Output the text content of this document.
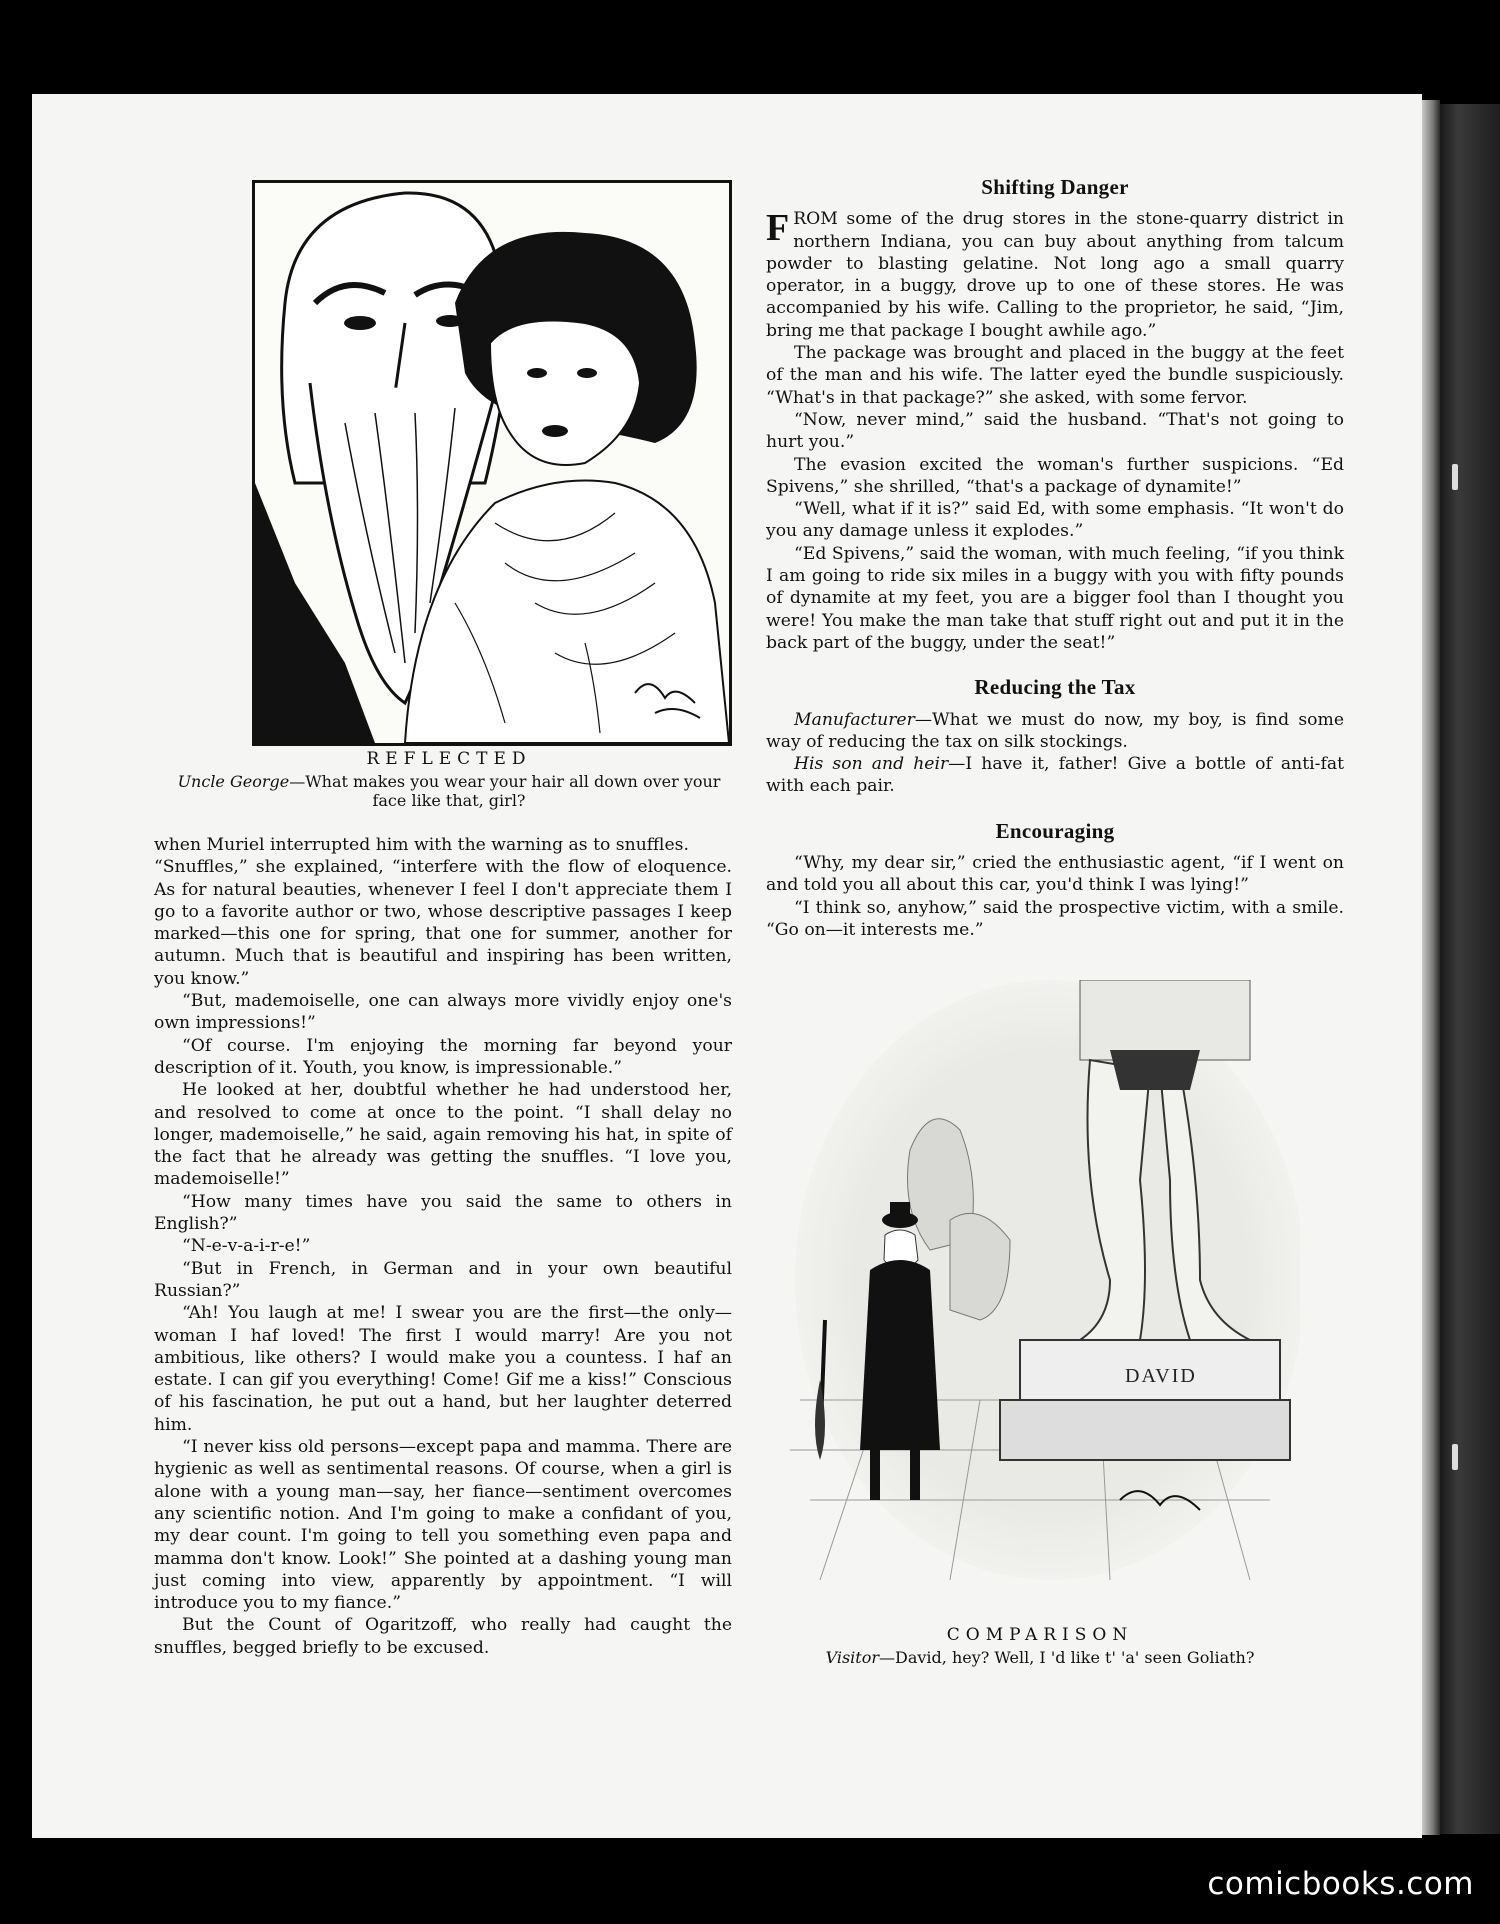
REFLECTED
Uncle George—What makes you wear your hair all down over your face like that, girl?

when Muriel interrupted him with the warning as to snuffles.

“Snuffles,” she explained, “interfere with the flow of eloquence. As for natural beauties, whenever I feel I don't appreciate them I go to a favorite author or two, whose descriptive passages I keep marked—this one for spring, that one for summer, another for autumn. Much that is beautiful and inspiring has been written, you know.”

“But, mademoiselle, one can always more vividly enjoy one's own impressions!”

“Of course. I'm enjoying the morning far beyond your description of it. Youth, you know, is impressionable.”

He looked at her, doubtful whether he had understood her, and resolved to come at once to the point. “I shall delay no longer, mademoiselle,” he said, again removing his hat, in spite of the fact that he already was getting the snuffles. “I love you, mademoiselle!”

“How many times have you said the same to others in English?”

“N-e-v-a-i-r-e!”

“But in French, in German and in your own beautiful Russian?”

“Ah! You laugh at me! I swear you are the first—the only—woman I haf loved! The first I would marry! Are you not ambitious, like others? I would make you a countess. I haf an estate. I can gif you everything! Come! Gif me a kiss!” Conscious of his fascination, he put out a hand, but her laughter deterred him.

“I never kiss old persons—except papa and mamma. There are hygienic as well as sentimental reasons. Of course, when a girl is alone with a young man—say, her fiance—sentiment overcomes any scientific notion. And I'm going to make a confidant of you, my dear count. I'm going to tell you something even papa and mamma don't know. Look!” She pointed at a dashing young man just coming into view, apparently by appointment. “I will introduce you to my fiance.”

But the Count of Ogaritzoff, who really had caught the snuffles, begged briefly to be excused.

Shifting Danger

FROM some of the drug stores in the stone-quarry district in northern Indiana, you can buy about anything from talcum powder to blasting gelatine. Not long ago a small quarry operator, in a buggy, drove up to one of these stores. He was accompanied by his wife. Calling to the proprietor, he said, “Jim, bring me that package I bought awhile ago.”

The package was brought and placed in the buggy at the feet of the man and his wife. The latter eyed the bundle suspiciously. “What's in that package?” she asked, with some fervor.

“Now, never mind,” said the husband. “That's not going to hurt you.”

The evasion excited the woman's further suspicions. “Ed Spivens,” she shrilled, “that's a package of dynamite!”

“Well, what if it is?” said Ed, with some emphasis. “It won't do you any damage unless it explodes.”

“Ed Spivens,” said the woman, with much feeling, “if you think I am going to ride six miles in a buggy with you with fifty pounds of dynamite at my feet, you are a bigger fool than I thought you were! You make the man take that stuff right out and put it in the back part of the buggy, under the seat!”

Reducing the Tax

Manufacturer—What we must do now, my boy, is find some way of reducing the tax on silk stockings.

His son and heir—I have it, father! Give a bottle of anti-fat with each pair.

Encouraging

“Why, my dear sir,” cried the enthusiastic agent, “if I went on and told you all about this car, you'd think I was lying!”

“I think so, anyhow,” said the prospective victim, with a smile. “Go on—it interests me.”

DAVID
COMPARISON
Visitor—David, hey? Well, I 'd like t' 'a' seen Goliath?
comicbooks.com
